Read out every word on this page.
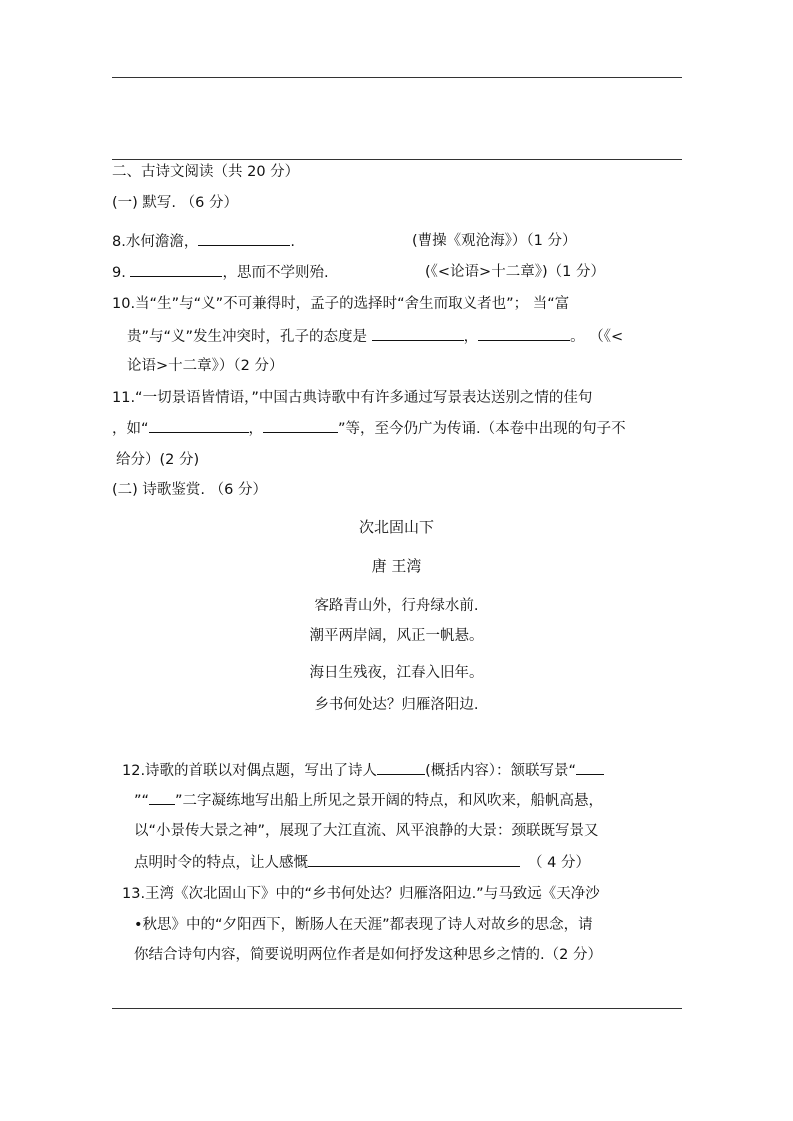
二、古诗文阅读（共 20 分）
(一) 默写. （6 分）
8.水何澹澹，	.	(曹操《观沧海》）（1 分）
9.	，思而不学则殆.	(《<论语>十二章》)（1 分）
10.当“生”与“义”不可兼得时，孟子的选择时“舍生而取义者也”； 当“富
贵”与“义”发生冲突时，孔子的态度是	，	。 （《<
论语>十二章》）（2 分）
11.“一切景语皆情语，”中国古典诗歌中有许多通过写景表达送别之情的佳句
，如“	，	”等，至今仍广为传诵.（本卷中出现的句子不
给分）(2 分)
(二) 诗歌鉴赏. （6 分）
次北固山下
唐 王湾
客路青山外，行舟绿水前.
潮平两岸阔，风正一帆悬。
海日生残夜，江春入旧年。
乡书何处达？归雁洛阳边.
12.诗歌的首联以对偶点题，写出了诗人	(概括内容）：颔联写景“
”“ ”二字凝练地写出船上所见之景开阔的特点，和风吹来，船帆高悬，
以“小景传大景之神”，展现了大江直流、风平浪静的大景：颈联既写景又
点明时令的特点，让人感慨	（ 4 分）
13.王湾《次北固山下》中的“乡书何处达？归雁洛阳边.”与马致远《天净沙
•秋思》中的“夕阳西下，断肠人在天涯”都表现了诗人对故乡的思念，请
你结合诗句内容，简要说明两位作者是如何抒发这种思乡之情的.（2 分）
